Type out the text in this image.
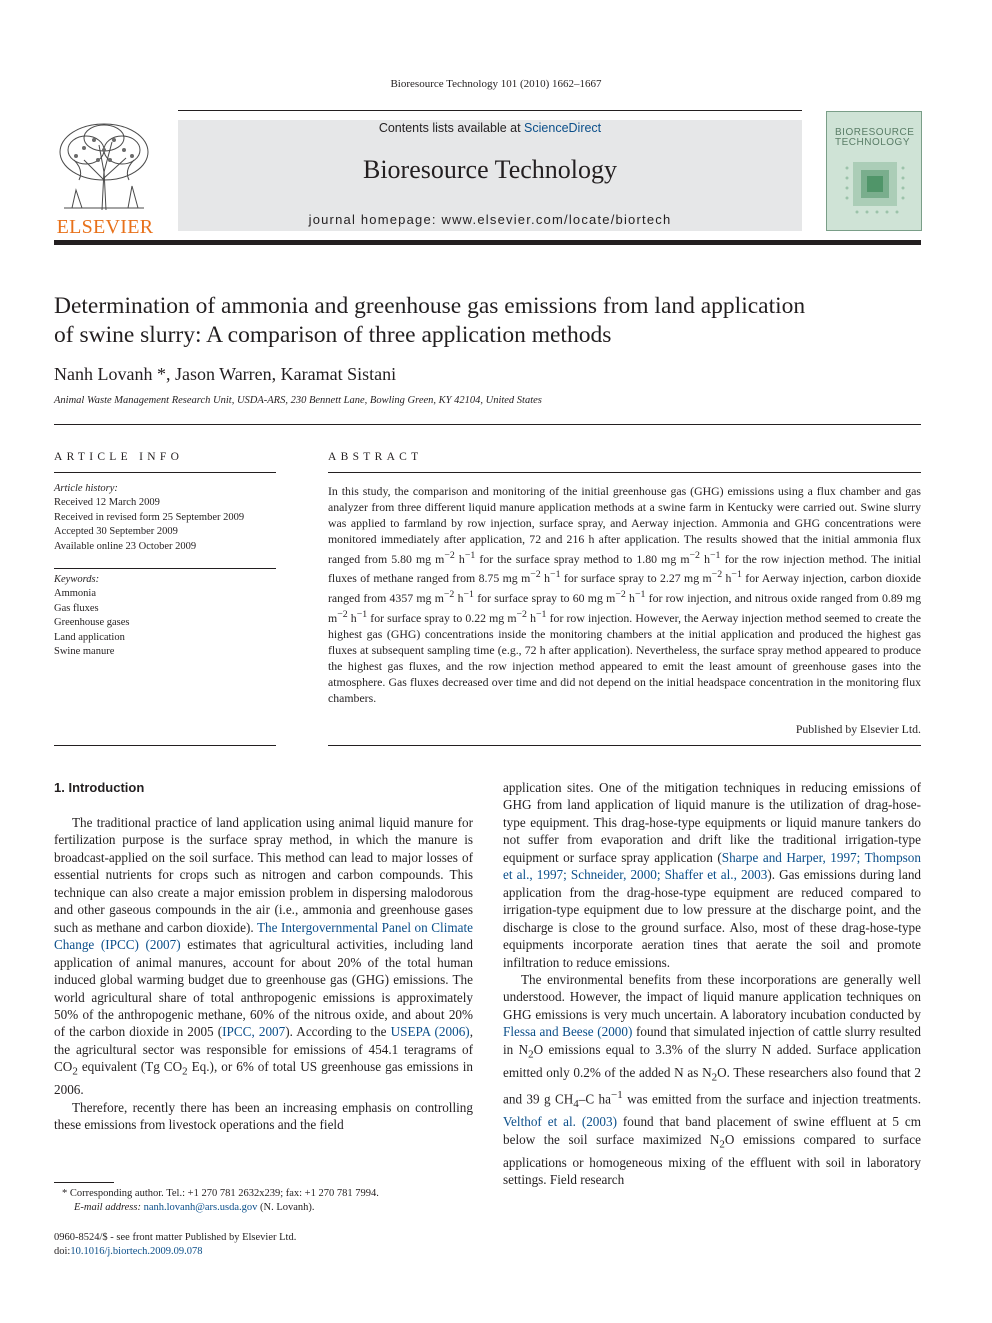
Bioresource Technology 101 (2010) 1662–1667
ELSEVIER
Contents lists available at ScienceDirect
Bioresource Technology
journal homepage: www.elsevier.com/locate/biortech
BIORESOURCE
TECHNOLOGY
Determination of ammonia and greenhouse gas emissions from land application
of swine slurry: A comparison of three application methods
Nanh Lovanh *, Jason Warren, Karamat Sistani
Animal Waste Management Research Unit, USDA-ARS, 230 Bennett Lane, Bowling Green, KY 42104, United States
ARTICLE INFO
Article history:
Received 12 March 2009
Received in revised form 25 September 2009
Accepted 30 September 2009
Available online 23 October 2009
Keywords:
Ammonia
Gas fluxes
Greenhouse gases
Land application
Swine manure
ABSTRACT
In this study, the comparison and monitoring of the initial greenhouse gas (GHG) emissions using a flux chamber and gas analyzer from three different liquid manure application methods at a swine farm in Kentucky were carried out. Swine slurry was applied to farmland by row injection, surface spray, and Aerway injection. Ammonia and GHG concentrations were monitored immediately after application, 72 and 216 h after application. The results showed that the initial ammonia flux ranged from 5.80 mg $m^{-2}$ $h^{-1}$ for the surface spray method to 1.80 mg $m^{-2}$ $h^{-1}$ for the row injection method. The initial fluxes of methane ranged from 8.75 mg $m^{-2}$ $h^{-1}$ for surface spray to 2.27 mg $m^{-2}$ $h^{-1}$ for Aerway injection, carbon dioxide ranged from 4357 mg $m^{-2}$ $h^{-1}$ for surface spray to 60 mg $m^{-2}$ $h^{-1}$ for row injection, and nitrous oxide ranged from 0.89 mg $m^{-2}$ $h^{-1}$ for surface spray to 0.22 mg $m^{-2}$ $h^{-1}$ for row injection. However, the Aerway injection method seemed to create the highest gas (GHG) concentrations inside the monitoring chambers at the initial application and produced the highest gas fluxes at subsequent sampling time (e.g., 72 h after application). Nevertheless, the surface spray method appeared to produce the highest gas fluxes, and the row injection method appeared to emit the least amount of greenhouse gases into the atmosphere. Gas fluxes decreased over time and did not depend on the initial headspace concentration in the monitoring flux chambers.
Published by Elsevier Ltd.
1. Introduction

The traditional practice of land application using animal liquid manure for fertilization purpose is the surface spray method, in which the manure is broadcast-applied on the soil surface. This method can lead to major losses of essential nutrients for crops such as nitrogen and carbon compounds. This technique can also create a major emission problem in dispersing malodorous and other gaseous compounds in the air (i.e., ammonia and greenhouse gases such as methane and carbon dioxide). The Intergovernmental Panel on Climate Change (IPCC) (2007) estimates that agricultural activities, including land application of animal manures, account for about 20% of the total human induced global warming budget due to greenhouse gas (GHG) emissions. The world agricultural share of total anthropogenic emissions is approximately 50% of the anthropogenic methane, 60% of the nitrous oxide, and about 20% of the carbon dioxide in 2005 (IPCC, 2007). According to the USEPA (2006), the agricultural sector was responsible for emissions of 454.1 teragrams of $CO_2$ equivalent (Tg $CO_2$ Eq.), or 6% of total US greenhouse gas emissions in 2006.

Therefore, recently there has been an increasing emphasis on controlling these emissions from livestock operations and the field

application sites. One of the mitigation techniques in reducing emissions of GHG from land application of liquid manure is the utilization of drag-hose-type equipment. This drag-hose-type equipments or liquid manure tankers do not suffer from evaporation and drift like the traditional irrigation-type equipment or surface spray application (Sharpe and Harper, 1997; Thompson et al., 1997; Schneider, 2000; Shaffer et al., 2003). Gas emissions during land application from the drag-hose-type equipment are reduced compared to irrigation-type equipment due to low pressure at the discharge point, and the discharge is close to the ground surface. Also, most of these drag-hose-type equipments incorporate aeration tines that aerate the soil and promote infiltration to reduce emissions.

The environmental benefits from these incorporations are generally well understood. However, the impact of liquid manure application techniques on GHG emissions is very much uncertain. A laboratory incubation conducted by Flessa and Beese (2000) found that simulated injection of cattle slurry resulted in $N_2O$ emissions equal to 3.3% of the slurry N added. Surface application emitted only 0.2% of the added N as $N_2O$. These researchers also found that 2 and 39 g $CH_4-C$ $ha^{-1}$ was emitted from the surface and injection treatments. Velthof et al. (2003) found that band placement of swine effluent at 5 cm below the soil surface maximized $N_2O$ emissions compared to surface applications or homogeneous mixing of the effluent with soil in laboratory settings. Field research

* Corresponding author. Tel.: +1 270 781 2632x239; fax: +1 270 781 7994.
E-mail address: nanh.lovanh@ars.usda.gov (N. Lovanh).
0960-8524/$ - see front matter Published by Elsevier Ltd.
doi:10.1016/j.biortech.2009.09.078
